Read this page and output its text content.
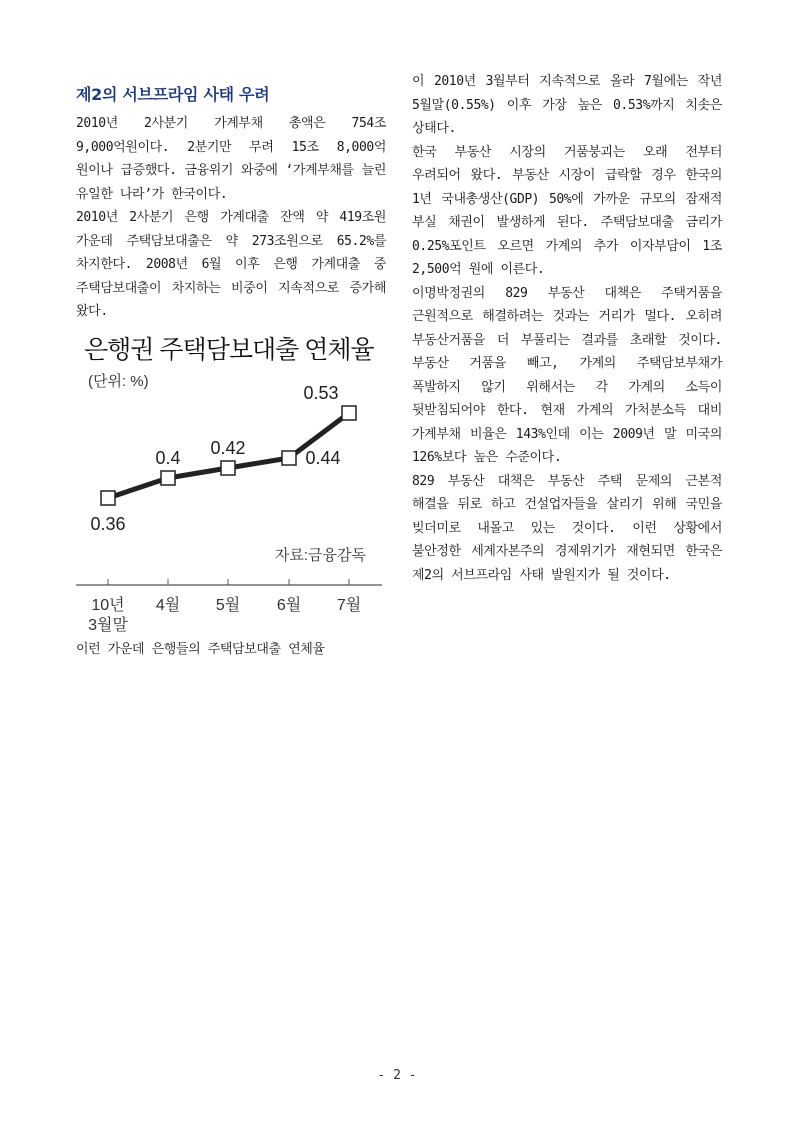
제2의 서브프라임 사태 우려

2010년 2사분기 가계부채 총액은 754조 9,000억원이다. 2분기만 무려 15조 8,000억 원이나 급증했다. 금융위기 와중에 ‘가계부채를 늘린 유일한 나라’가 한국이다.

2010년 2사분기 은행 가계대출 잔액 약 419조원 가운데 주택담보대출은 약 273조원으로 65.2%를 차지한다. 2008년 6월 이후 은행 가계대출 중 주택담보대출이 차지하는 비중이 지속적으로 증가해 왔다.

은행권 주택담보대출 연체율
(단위: %)
자료:금융감독
0.36
10년
3월말
0.4
4월
0.42
5월
0.44
6월
0.53
7월

이런 가운데 은행들의 주택담보대출 연체율

이 2010년 3월부터 지속적으로 올라 7월에는 작년 5월말(0.55%) 이후 가장 높은 0.53%까지 치솟은 상태다.

한국 부동산 시장의 거품붕괴는 오래 전부터 우려되어 왔다. 부동산 시장이 급락할 경우 한국의 1년 국내총생산(GDP) 50%에 가까운 규모의 잠재적 부실 채권이 발생하게 된다. 주택담보대출 금리가 0.25%포인트 오르면 가계의 추가 이자부담이 1조 2,500억 원에 이른다.

이명박정권의 829 부동산 대책은 주택거품을 근원적으로 해결하려는 것과는 거리가 멀다. 오히려 부동산거품을 더 부풀리는 결과를 초래할 것이다. 부동산 거품을 빼고, 가계의 주택담보부채가 폭발하지 않기 위해서는 각 가계의 소득이 뒷받침되어야 한다. 현재 가계의 가처분소득 대비 가계부채 비율은 143%인데 이는 2009년 말 미국의 126%보다 높은 수준이다.

829 부동산 대책은 부동산 주택 문제의 근본적 해결을 뒤로 하고 건설업자들을 살리기 위해 국민을 빚더미로 내몰고 있는 것이다. 이런 상황에서 불안정한 세계자본주의 경제위기가 재현되면 한국은 제2의 서브프라임 사태 발원지가 될 것이다.

- 2 -
